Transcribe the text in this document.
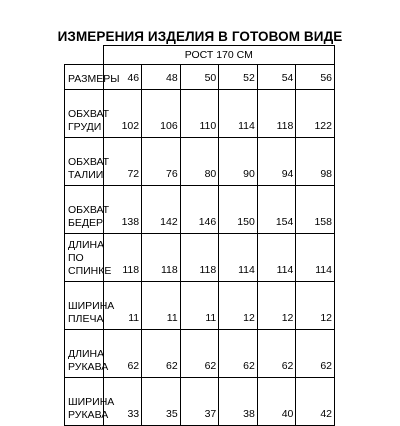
ИЗМЕРЕНИЯ ИЗДЕЛИЯ В ГОТОВОМ ВИДЕ
	РОСТ 170 СМ					
РАЗМЕРЫ	46	48	50	52	54	56
ОБХВАТ ГРУДИ	102	106	110	114	118	122
ОБХВАТ ТАЛИИ	72	76	80	90	94	98
ОБХВАТ БЕДЕР	138	142	146	150	154	158
ДЛИНА ПО СПИНКЕ	118	118	118	114	114	114
ШИРИНА ПЛЕЧА	11	11	11	12	12	12
ДЛИНА РУКАВА	62	62	62	62	62	62
ШИРИНА РУКАВА	33	35	37	38	40	42
